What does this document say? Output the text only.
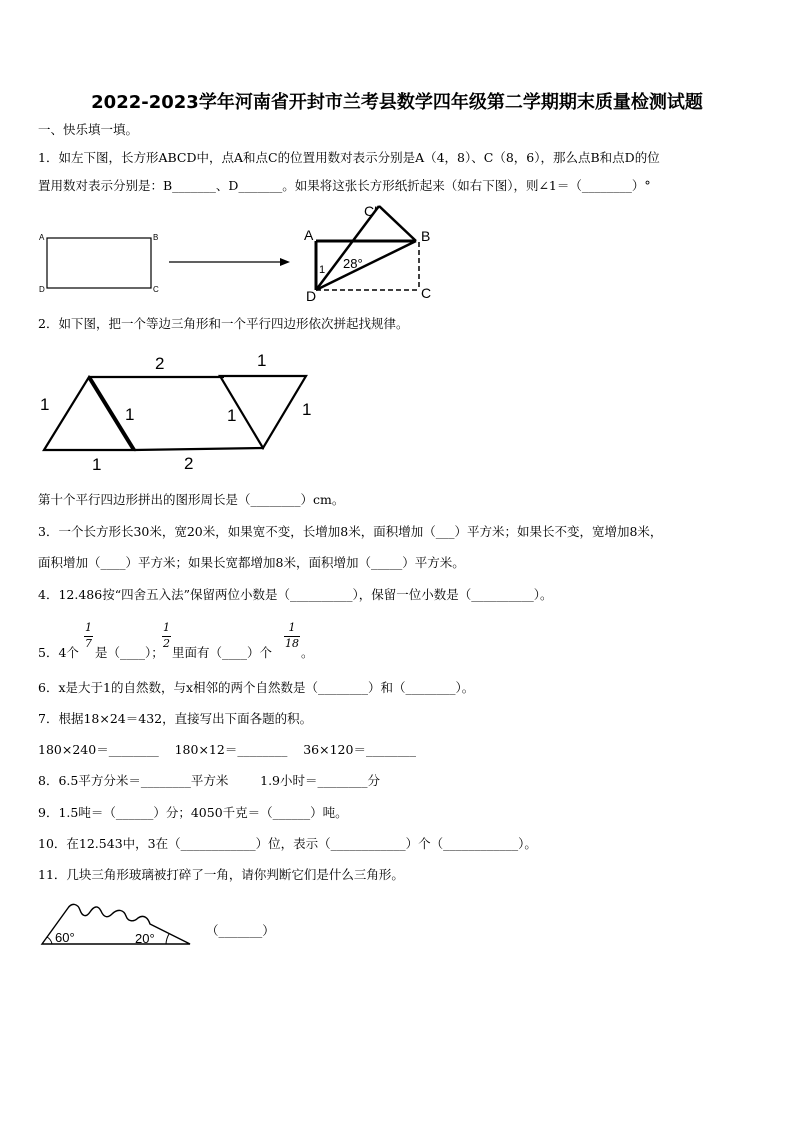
2022-2023学年河南省开封市兰考县数学四年级第二学期期末质量检测试题
一、快乐填一填。
1．如左下图，长方形ABCD中，点A和点C的位置用数对表示分别是A（4，8）、C（8，6），那么点B和点D的位
置用数对表示分别是：B_______、D_______。如果将这张长方形纸折起来（如右下图），则∠1＝（________）°
A	B
C
D
A	B
C
D
C′
1 28°
2．如下图，把一个等边三角形和一个平行四边形依次拼起找规律。
1
1
1
2
2
1
1
1
第十个平行四边形拼出的图形周长是（________）cm。
3．一个长方形长30米，宽20米，如果宽不变，长增加8米，面积增加（___）平方米；如果长不变，宽增加8米，
面积增加（____）平方米；如果长宽都增加8米，面积增加（_____）平方米。
4．12.486按“四舍五入法”保留两位小数是（__________），保留一位小数是（__________）。
5．4个
1
7
是（____）；
1
2
里面有（____）个
1
18
。
6．x是大于1的自然数，与x相邻的两个自然数是（________）和（________）。
7．根据18×24＝432，直接写出下面各题的积。
180×240＝________    180×12＝________    36×120＝________
8．6.5平方分米＝________平方米        1.9小时＝________分
9．1.5吨＝（______）分；4050千克＝（______）吨。
10．在12.543中，3在（____________）位，表示（____________）个（____________）。
11．几块三角形玻璃被打碎了一角，请你判断它们是什么三角形。
60°	20°
（_______）
